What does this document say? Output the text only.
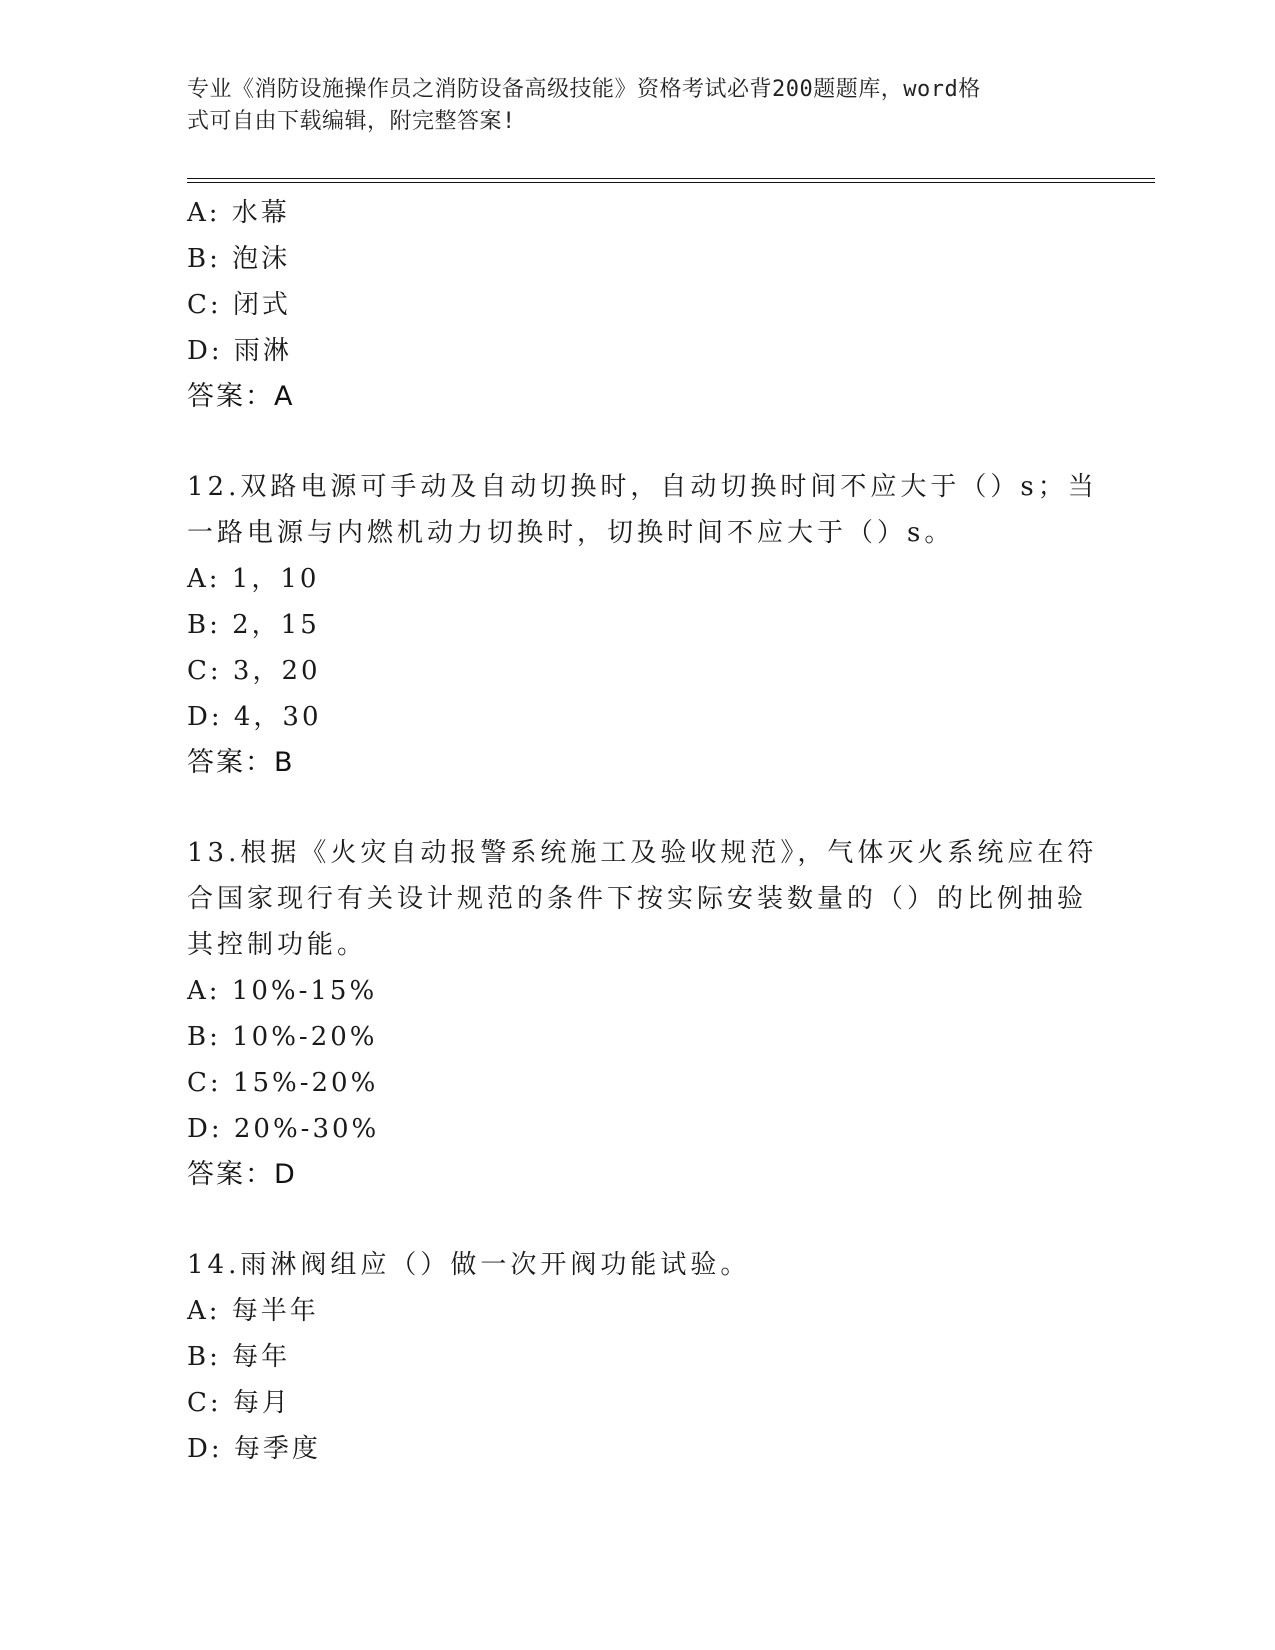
专业《消防设施操作员之消防设备高级技能》资格考试必背200题题库，word格
式可自由下载编辑，附完整答案!
A: 水幕
B: 泡沫
C: 闭式
D: 雨淋
答案：A
12.双路电源可手动及自动切换时，自动切换时间不应大于（）s；当
一路电源与内燃机动力切换时，切换时间不应大于（）s。
A: 1，10
B: 2，15
C: 3，20
D: 4，30
答案：B
13.根据《火灾自动报警系统施工及验收规范》，气体灭火系统应在符
合国家现行有关设计规范的条件下按实际安装数量的（）的比例抽验
其控制功能。
A: 10%-15%
B: 10%-20%
C: 15%-20%
D: 20%-30%
答案：D
14.雨淋阀组应（）做一次开阀功能试验。
A: 每半年
B: 每年
C: 每月
D: 每季度
